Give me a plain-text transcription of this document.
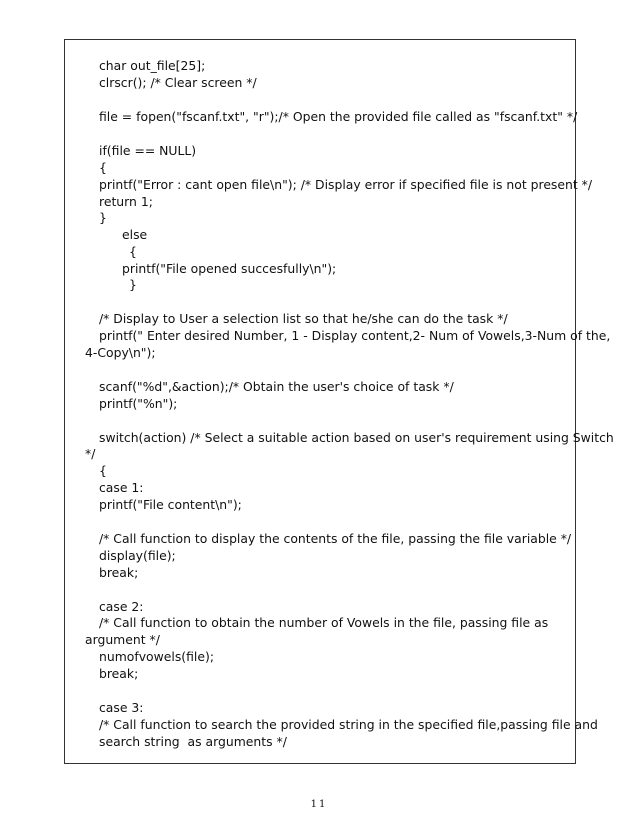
char out_file[25];
clrscr(); /* Clear screen */
file = fopen("fscanf.txt", "r");/* Open the provided file called as "fscanf.txt" */
if(file == NULL)
{
printf("Error : cant open file\n"); /* Display error if specified file is not present */
return 1;
}
else
{
printf("File opened succesfully\n");
}
/* Display to User a selection list so that he/she can do the task */
printf(" Enter desired Number, 1 - Display content,2- Num of Vowels,3-Num of the,
4-Copy\n");
scanf("%d",&action);/* Obtain the user's choice of task */
printf("%n");
switch(action) /* Select a suitable action based on user's requirement using Switch
*/
{
case 1:
printf("File content\n");
/* Call function to display the contents of the file, passing the file variable */
display(file);
break;
case 2:
/* Call function to obtain the number of Vowels in the file, passing file as
argument */
numofvowels(file);
break;
case 3:
/* Call function to search the provided string in the specified file,passing file and
search string  as arguments */
11
